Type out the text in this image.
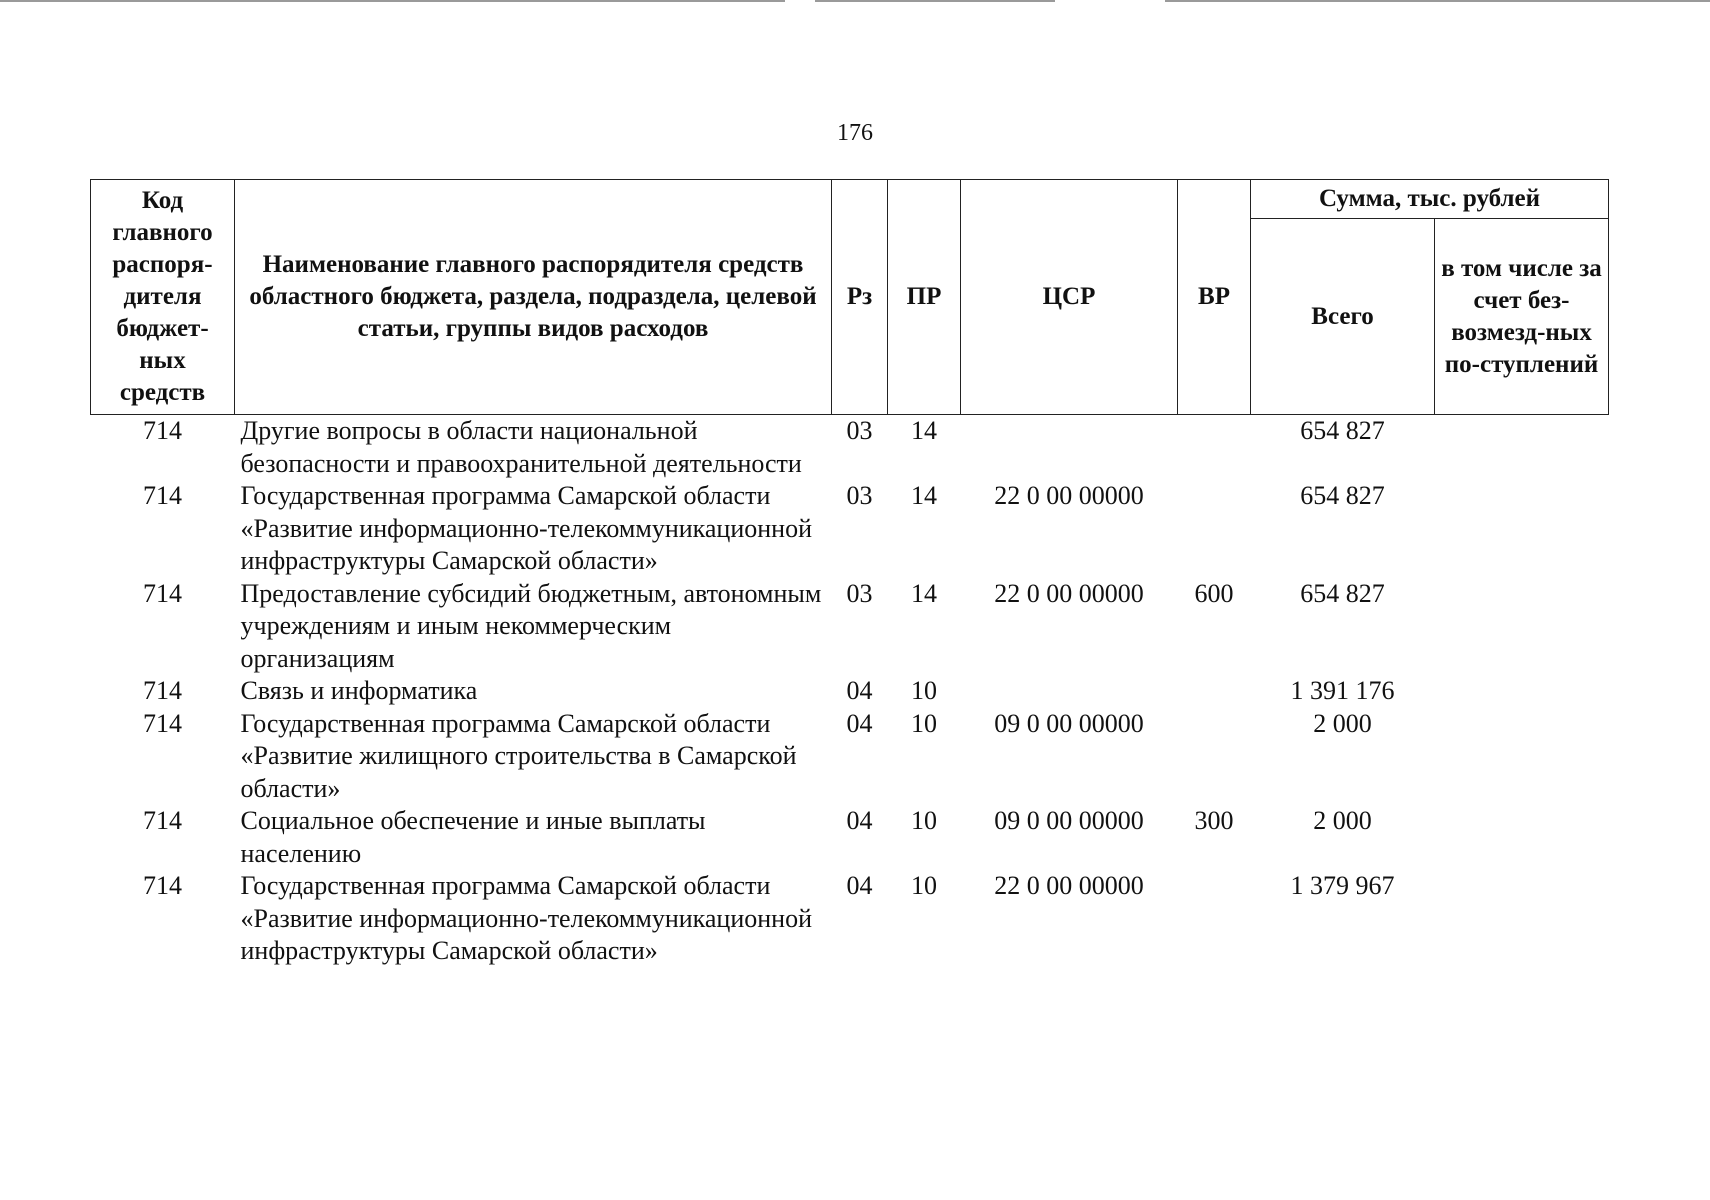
176
Код главного распоря-дителя бюджет-ных средств	Наименование главного распорядителя средств областного бюджета, раздела, подраздела, целевой статьи, группы видов расходов	Рз	ПР	ЦСР	ВР	Сумма, тыс. рублей	
						Всего	в том числе за счет без-возмезд-ных по-ступлений
714	Другие вопросы в области национальной безопасности и правоохранительной деятельности	03	14			654 827	
714	Государственная программа Самарской области «Развитие информационно-телекоммуникационной инфраструктуры Самарской области»	03	14	22 0 00 00000		654 827	
714	Предоставление субсидий бюджетным, автономным учреждениям и иным некоммерческим организациям	03	14	22 0 00 00000	600	654 827	
714	Связь и информатика	04	10			1 391 176	
714	Государственная программа Самарской области «Развитие жилищного строительства в Самарской области»	04	10	09 0 00 00000		2 000	
714	Социальное обеспечение и иные выплаты населению	04	10	09 0 00 00000	300	2 000	
714	Государственная программа Самарской области «Развитие информационно-телекоммуникационной инфраструктуры Самарской области»	04	10	22 0 00 00000		1 379 967	
